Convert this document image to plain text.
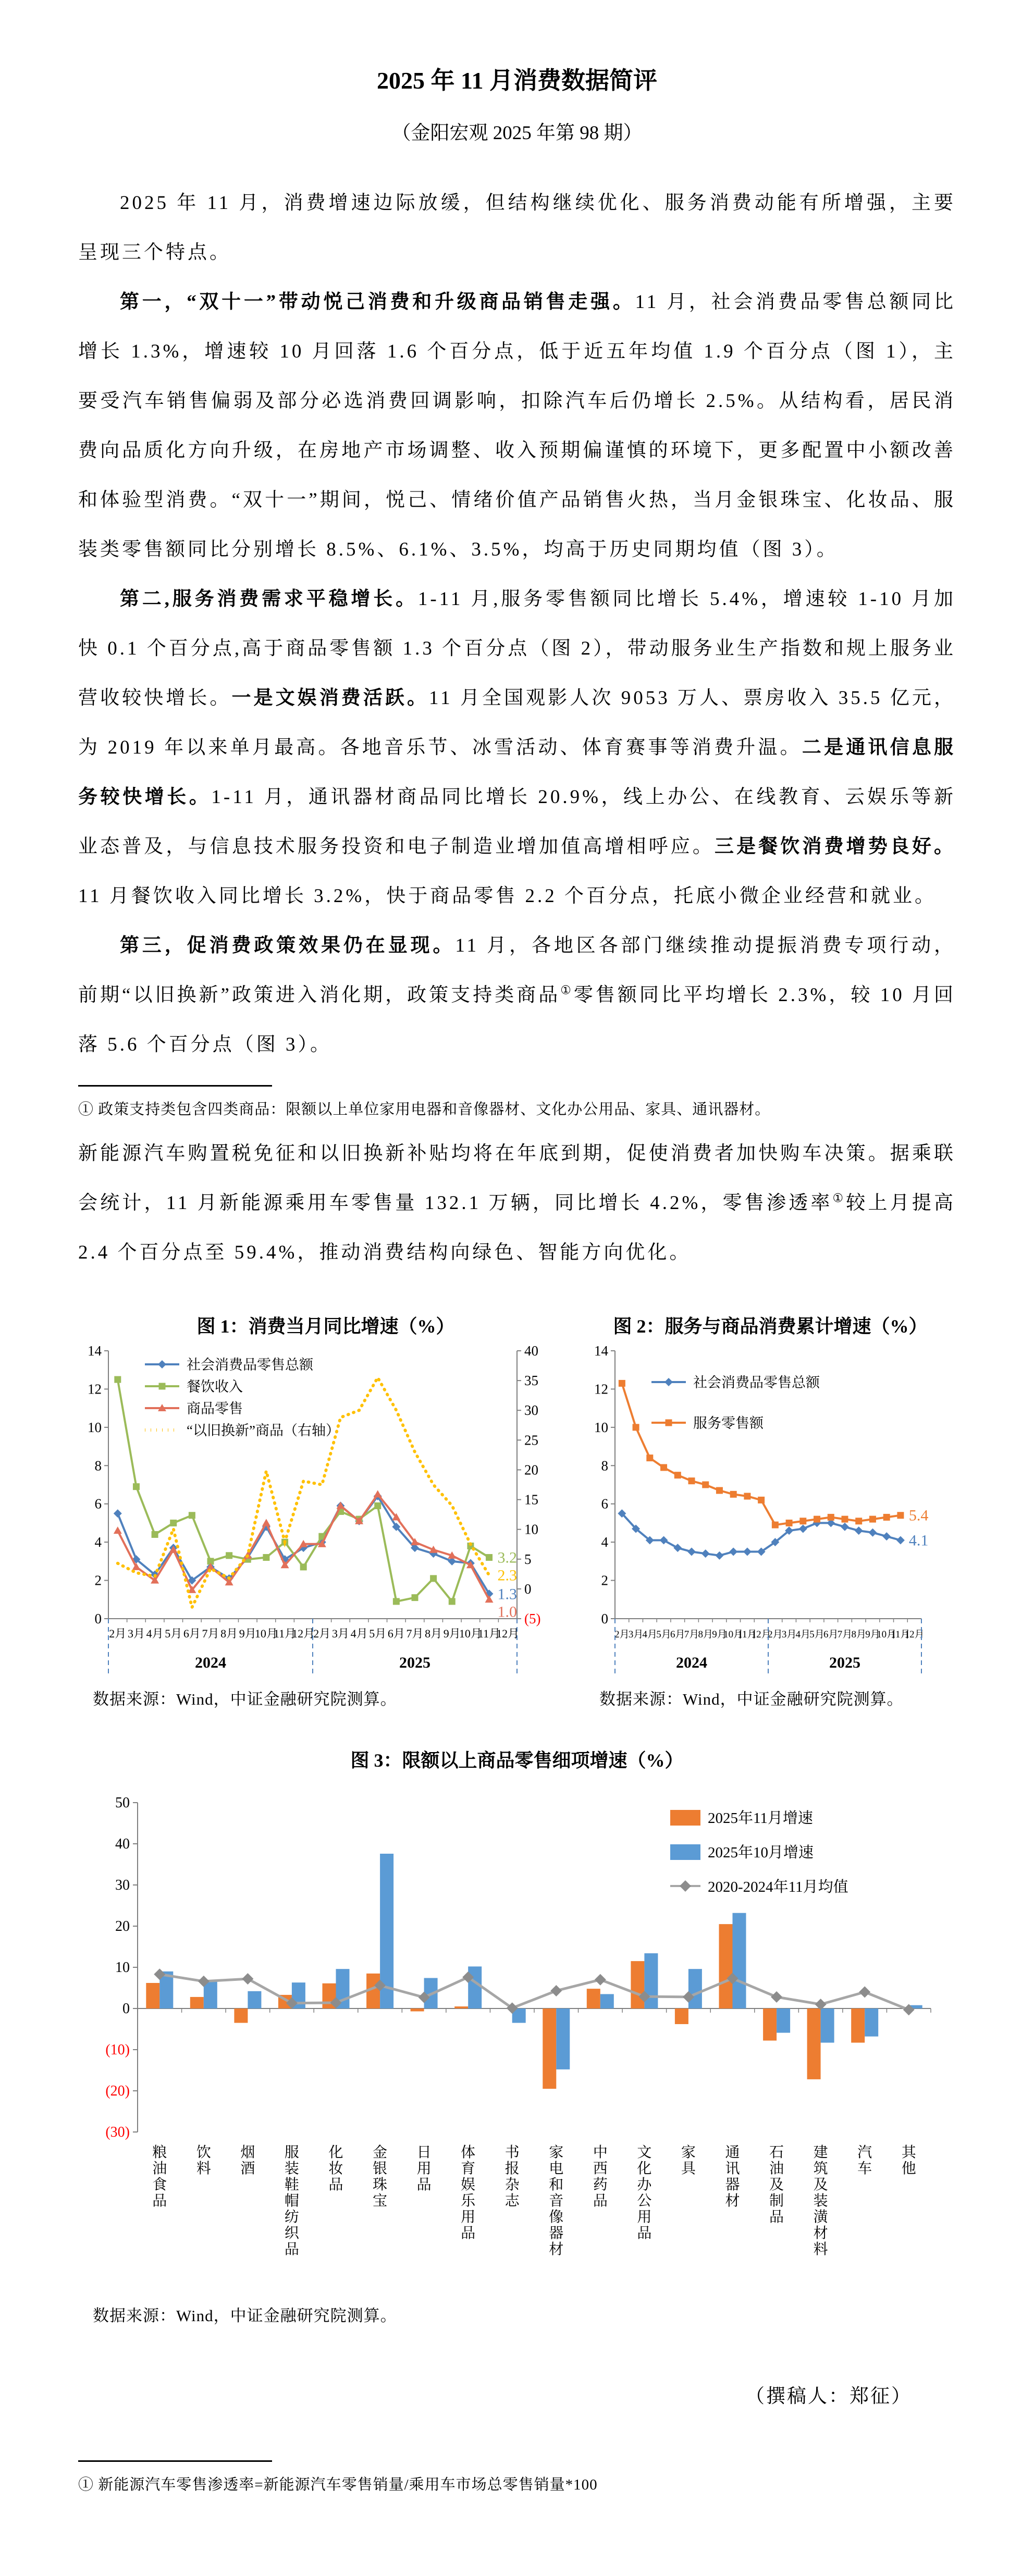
2025 年 11 月消费数据简评
（金阳宏观 2025 年第 98 期）

2025 年 11 月，消费增速边际放缓，但结构继续优化、服务消费动能有所增强，主要呈现三个特点。

第一，“双十一”带动悦己消费和升级商品销售走强。11 月，社会消费品零售总额同比增长 1.3%，增速较 10 月回落 1.6 个百分点，低于近五年均值 1.9 个百分点（图 1），主要受汽车销售偏弱及部分必选消费回调影响，扣除汽车后仍增长 2.5%。从结构看，居民消费向品质化方向升级，在房地产市场调整、收入预期偏谨慎的环境下，更多配置中小额改善和体验型消费。“双十一”期间，悦己、情绪价值产品销售火热，当月金银珠宝、化妆品、服装类零售额同比分别增长 8.5%、6.1%、3.5%，均高于历史同期均值（图 3）。

第二,服务消费需求平稳增长。1-11 月,服务零售额同比增长 5.4%，增速较 1-10 月加快 0.1 个百分点,高于商品零售额 1.3 个百分点（图 2），带动服务业生产指数和规上服务业营收较快增长。一是文娱消费活跃。11 月全国观影人次 9053 万人、票房收入 35.5 亿元，为 2019 年以来单月最高。各地音乐节、冰雪活动、体育赛事等消费升温。二是通讯信息服务较快增长。1-11 月，通讯器材商品同比增长 20.9%，线上办公、在线教育、云娱乐等新业态普及，与信息技术服务投资和电子制造业增加值高增相呼应。三是餐饮消费增势良好。11 月餐饮收入同比增长 3.2%，快于商品零售 2.2 个百分点，托底小微企业经营和就业。

第三，促消费政策效果仍在显现。11 月，各地区各部门继续推动提振消费专项行动，前期“以旧换新”政策进入消化期，政策支持类商品①零售额同比平均增长 2.3%，较 10 月回落 5.6 个百分点（图 3）。

① 政策支持类包含四类商品：限额以上单位家用电器和音像器材、文化办公用品、家具、通讯器材。

新能源汽车购置税免征和以旧换新补贴均将在年底到期，促使消费者加快购车决策。据乘联会统计，11 月新能源乘用车零售量 132.1 万辆，同比增长 4.2%，零售渗透率①较上月提高 2.4 个百分点至 59.4%，推动消费结构向绿色、智能方向优化。

图 1：消费当月同比增速（%）
0
2
4
6
8
10
12
14
2月 3月 4月 5月 6月 7月 8月 9月
10月
11月
12月
2月 3月 4月 5月 6月 7月 8月 9月
10月
11月
12月
2024	2025
(5)
0
5
10
15
20
25
30
35
40
3.2
2.3
1.3
1.0
社会消费品零售总额
餐饮收入
商品零售
“以旧换新”商品（右轴）
数据来源：Wind，中证金融研究院测算。
图 2：服务与商品消费累计增速（%）
0
2
4
6
8
10
12
14
2月
3月
4月
5月
6月
7月
8月
9月
10月
11月
12月
2月
3月
4月
5月
6月
7月
8月
9月
10月
11月
12月
2024	2025
5.4
4.1
社会消费品零售总额
服务零售额
数据来源：Wind，中证金融研究院测算。
图 3：限额以上商品零售细项增速（%）
(30)
(20)
(10)
0
10
20
30
40
50
粮油食品
饮料
烟酒
服装鞋帽纺织品
化妆品
金银珠宝
日用品
体育娱乐用品
书报杂志
家电和音像器材
中西药品
文化办公用品
家具
通讯器材
石油及制品
建筑及装潢材料
汽车
其他
2025年11月增速
2025年10月增速
2020-2024年11月均值
数据来源：Wind，中证金融研究院测算。
（撰稿人：郑征）

① 新能源汽车零售渗透率=新能源汽车零售销量/乘用车市场总零售销量*100
